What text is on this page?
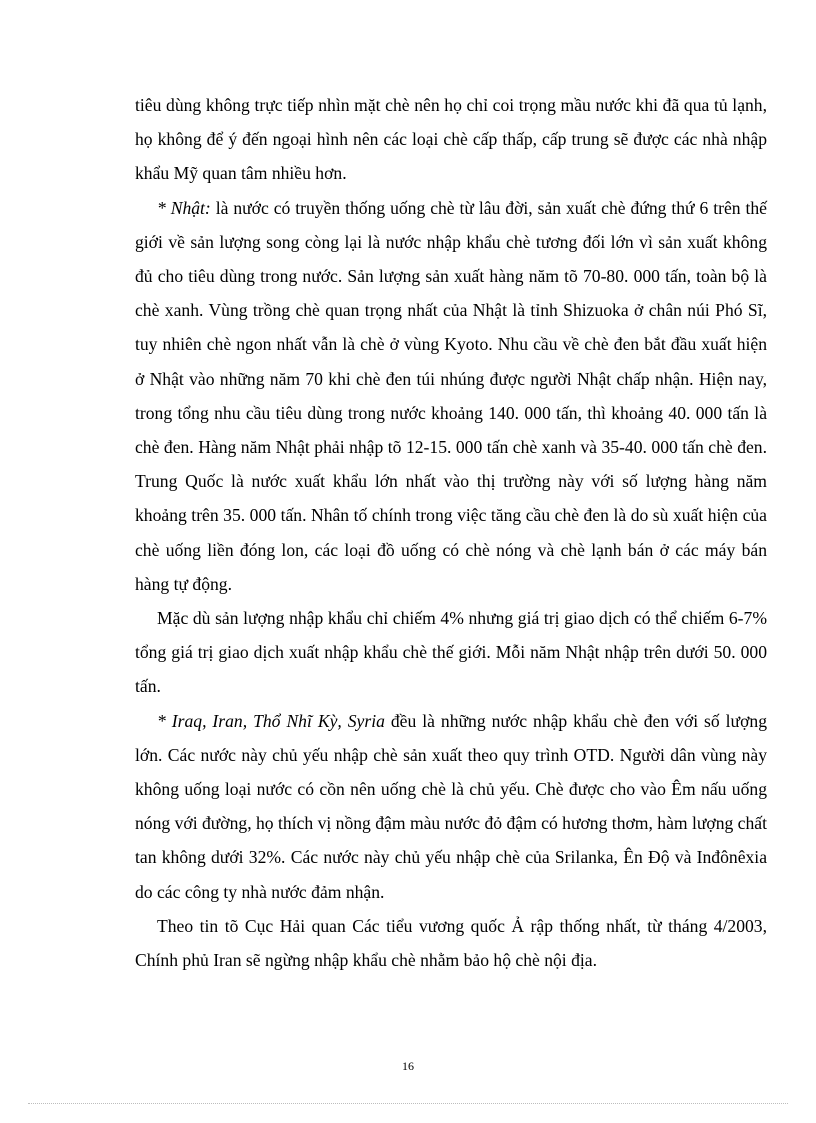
tiêu dùng không trực tiếp nhìn mặt chè nên họ chỉ coi trọng mầu nước khi đã qua tủ lạnh, họ không để ý đến ngoại hình nên các loại chè cấp thấp, cấp trung sẽ được các nhà nhập khẩu Mỹ quan tâm nhiều hơn.

* Nhật: là nước có truyền thống uống chè từ lâu đời, sản xuất chè đứng thứ 6 trên thế giới về sản lượng song còng lại là nước nhập khẩu chè tương đối lớn vì sản xuất không đủ cho tiêu dùng trong nước. Sản lượng sản xuất hàng năm tõ 70-80. 000 tấn, toàn bộ là chè xanh. Vùng trồng chè quan trọng nhất của Nhật là tỉnh Shizuoka ở chân núi Phó Sĩ, tuy nhiên chè ngon nhất vẫn là chè ở vùng Kyoto. Nhu cầu về chè đen bắt đầu xuất hiện ở Nhật vào những năm 70 khi chè đen túi nhúng được người Nhật chấp nhận. Hiện nay, trong tổng nhu cầu tiêu dùng trong nước khoảng 140. 000 tấn, thì khoảng 40. 000 tấn là chè đen. Hàng năm Nhật phải nhập tõ 12-15. 000 tấn chè xanh và 35-40. 000 tấn chè đen. Trung Quốc là nước xuất khẩu lớn nhất vào thị trường này với số lượng hàng năm khoảng trên 35. 000 tấn. Nhân tố chính trong việc tăng cầu chè đen là do sù xuất hiện của chè uống liền đóng lon, các loại đồ uống có chè nóng và chè lạnh bán ở các máy bán hàng tự động.

Mặc dù sản lượng nhập khẩu chỉ chiếm 4% nhưng giá trị giao dịch có thể chiếm 6-7% tổng giá trị giao dịch xuất nhập khẩu chè thế giới. Mỗi năm Nhật nhập trên dưới 50. 000 tấn.

* Iraq, Iran, Thổ Nhĩ Kỳ, Syria đều là những nước nhập khẩu chè đen với số lượng lớn. Các nước này chủ yếu nhập chè sản xuất theo quy trình OTD. Người dân vùng này không uống loại nước có cồn nên uống chè là chủ yếu. Chè được cho vào Êm nấu uống nóng với đường, họ thích vị nồng đậm màu nước đỏ đậm có hương thơm, hàm lượng chất tan không dưới 32%. Các nước này chủ yếu nhập chè của Srilanka, Ên Độ và Inđônêxia do các công ty nhà nước đảm nhận.

Theo tin tõ Cục Hải quan Các tiểu vương quốc Ả rập thống nhất, từ tháng 4/2003, Chính phủ Iran sẽ ngừng nhập khẩu chè nhằm bảo hộ chè nội địa.

16
